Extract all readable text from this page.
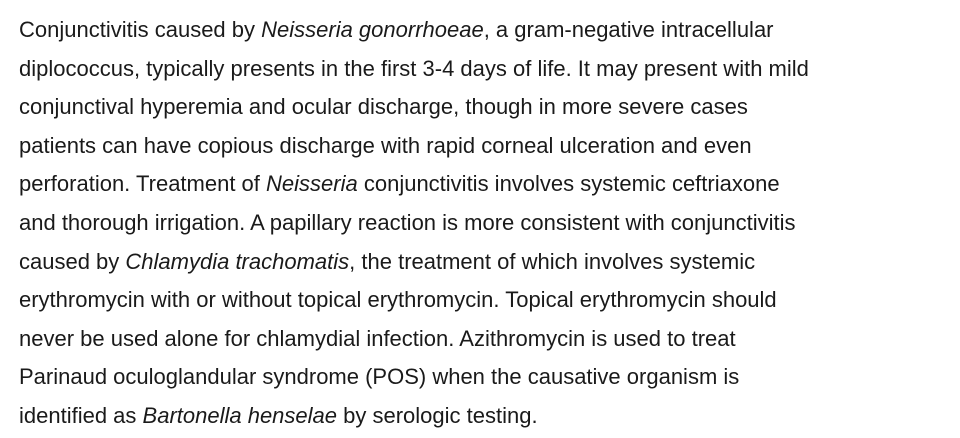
Conjunctivitis caused by Neisseria gonorrhoeae, a gram-negative intracellular
diplococcus, typically presents in the first 3-4 days of life. It may present with mild
conjunctival hyperemia and ocular discharge, though in more severe cases
patients can have copious discharge with rapid corneal ulceration and even
perforation. Treatment of Neisseria conjunctivitis involves systemic ceftriaxone
and thorough irrigation. A papillary reaction is more consistent with conjunctivitis
caused by Chlamydia trachomatis, the treatment of which involves systemic
erythromycin with or without topical erythromycin. Topical erythromycin should
never be used alone for chlamydial infection. Azithromycin is used to treat
Parinaud oculoglandular syndrome (POS) when the causative organism is
identified as Bartonella henselae by serologic testing.
